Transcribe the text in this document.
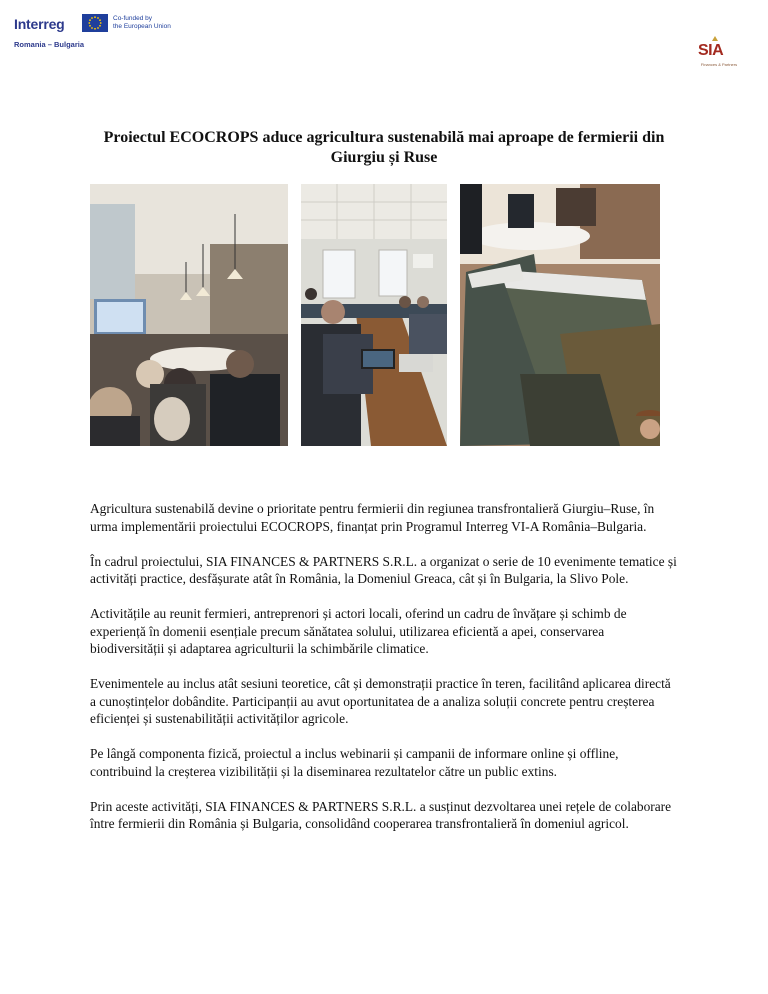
Interreg	Co-funded by
the European Union
Romania – Bulgaria	SIA
Finances & Partners
Proiectul ECOCROPS aduce agricultura sustenabilă mai aproape de fermierii din Giurgiu și Ruse

Agricultura sustenabilă devine o prioritate pentru fermierii din regiunea transfrontalieră Giurgiu–Ruse, în urma implementării proiectului ECOCROPS, finanțat prin Programul Interreg VI-A România–Bulgaria.

În cadrul proiectului, SIA FINANCES & PARTNERS S.R.L. a organizat o serie de 10 evenimente tematice și activități practice, desfășurate atât în România, la Domeniul Greaca, cât și în Bulgaria, la Slivo Pole.

Activitățile au reunit fermieri, antreprenori și actori locali, oferind un cadru de învățare și schimb de experiență în domenii esențiale precum sănătatea solului, utilizarea eficientă a apei, conservarea biodiversității și adaptarea agriculturii la schimbările climatice.

Evenimentele au inclus atât sesiuni teoretice, cât și demonstrații practice în teren, facilitând aplicarea directă a cunoștințelor dobândite. Participanții au avut oportunitatea de a analiza soluții concrete pentru creșterea eficienței și sustenabilității activităților agricole.

Pe lângă componenta fizică, proiectul a inclus webinarii și campanii de informare online și offline, contribuind la creșterea vizibilității și la diseminarea rezultatelor către un public extins.

Prin aceste activități, SIA FINANCES & PARTNERS S.R.L. a susținut dezvoltarea unei rețele de colaborare între fermierii din România și Bulgaria, consolidând cooperarea transfrontalieră în domeniul agricol.
